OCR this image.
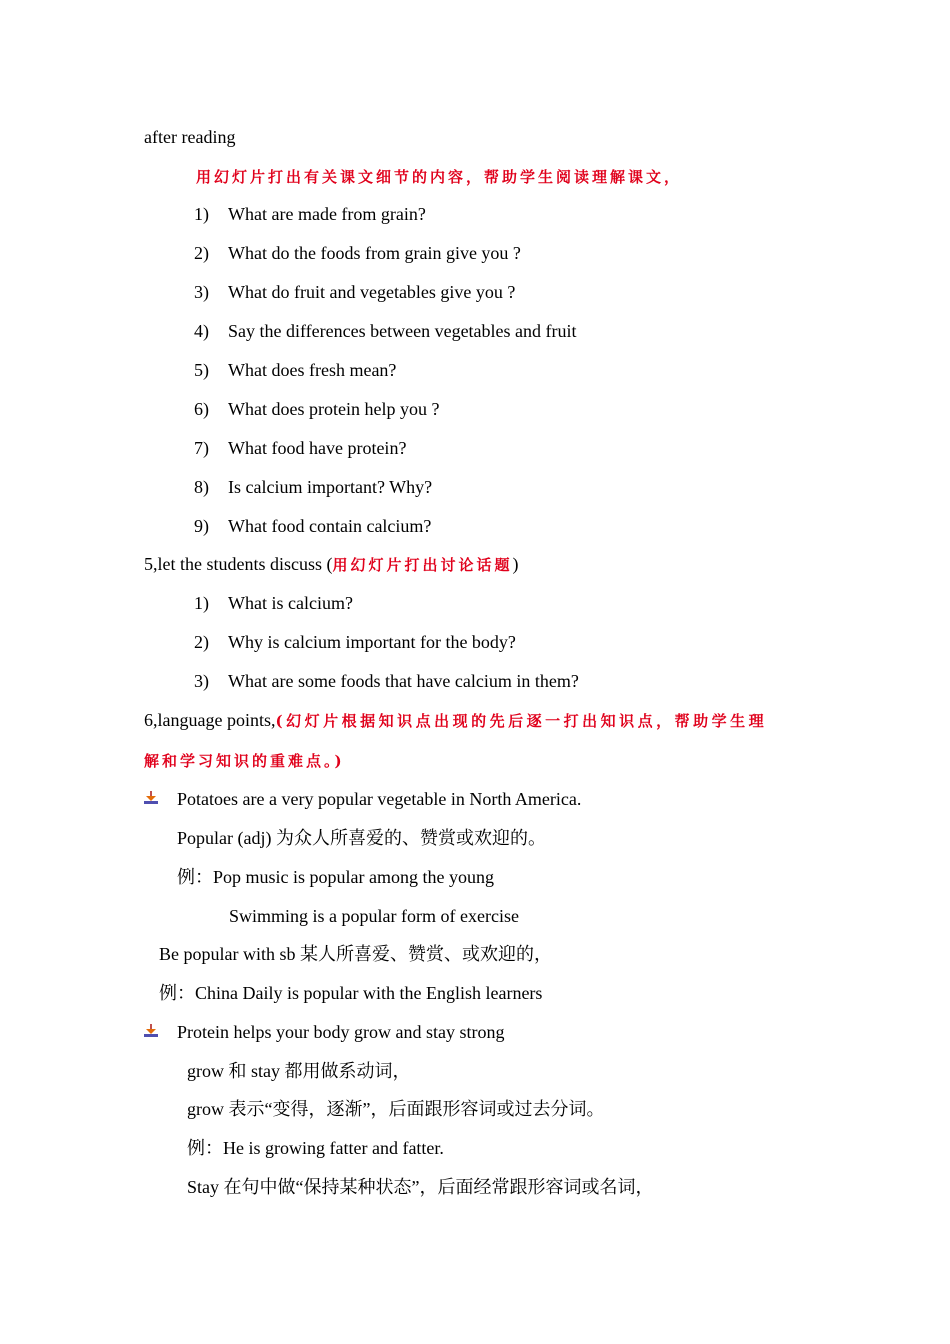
after reading
用幻灯片打出有关课文细节的内容，帮助学生阅读理解课文，
1) What are made from grain?
2) What do the foods from grain give you ?
3) What do fruit and vegetables give you ?
4) Say the differences between vegetables and fruit
5) What does fresh mean?
6) What does protein help you ?
7) What food have protein?
8) Is calcium important? Why?
9) What food contain calcium?
5,let the students discuss (用幻灯片打出讨论话题)
1) What is calcium?
2) Why is calcium important for the body?
3) What are some foods that have calcium in them?
6,language points,(幻灯片根据知识点出现的先后逐一打出知识点，帮助学生理
解和学习知识的重难点。)
Potatoes are a very popular vegetable in North America.
Popular (adj) 为众人所喜爱的、赞赏或欢迎的。
例：Pop music is popular among the young
Swimming is a popular form of exercise
Be popular with sb 某人所喜爱、赞赏、或欢迎的，
例：China Daily is popular with the English learners
Protein helps your body grow and stay strong
grow 和 stay 都用做系动词，
grow 表示“变得，逐渐”，后面跟形容词或过去分词。
例：He is growing fatter and fatter.
Stay 在句中做“保持某种状态”，后面经常跟形容词或名词，
